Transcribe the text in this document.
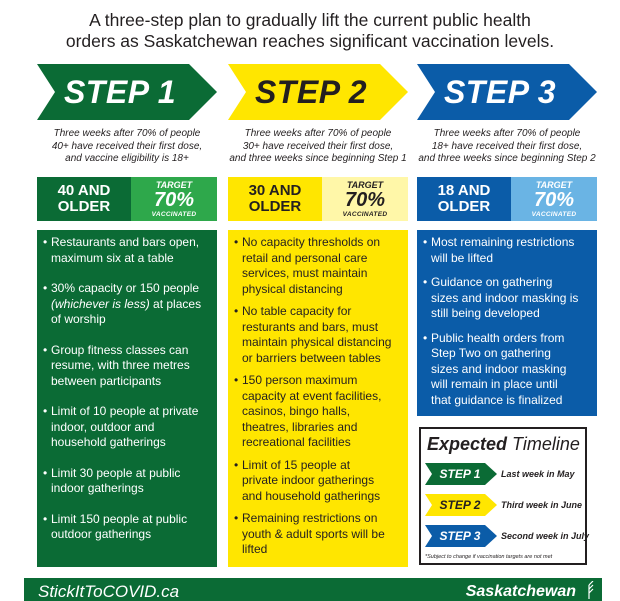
A three-step plan to gradually lift the current public health
orders as Saskatchewan reaches significant vaccination levels.
STEP 1
Three weeks after 70% of people
40+ have received their first dose,
and vaccine eligibility is 18+
40 AND
OLDER
TARGET
70%
VACCINATED
STEP 2
Three weeks after 70% of people
30+ have received their first dose,
and three weeks since beginning Step 1
30 AND
OLDER
TARGET
70%
VACCINATED
STEP 3
Three weeks after 70% of people
18+ have received their first dose,
and three weeks since beginning Step 2
18 AND
OLDER
TARGET
70%
VACCINATED
• Restaurants and bars open,
maximum six at a table
• 30% capacity or 150 people
(whichever is less) at places
of worship
• Group fitness classes can
resume, with three metres
between participants
• Limit of 10 people at private
indoor, outdoor and
household gatherings
• Limit 30 people at public
indoor gatherings
• Limit 150 people at public
outdoor gatherings
• No capacity thresholds on
retail and personal care
services, must maintain
physical distancing
• No table capacity for
resturants and bars, must
maintain physical distancing
or barriers between tables
• 150 person maximum
capacity at event facilities,
casinos, bingo halls,
theatres, libraries and
recreational facilities
• Limit of 15 people at
private indoor gatherings
and household gatherings
• Remaining restrictions on
youth & adult sports will be
lifted
• Most remaining restrictions
will be lifted
• Guidance on gathering
sizes and indoor masking is
still being developed
• Public health orders from
Step Two on gathering
sizes and indoor masking
will remain in place until
that guidance is finalized
Expected Timeline
STEP 1	Last week in May
STEP 2	Third week in June
STEP 3	Second week in July
*Subject to change if vaccination targets are not met
StickItToCOVID.ca	Saskatchewan
